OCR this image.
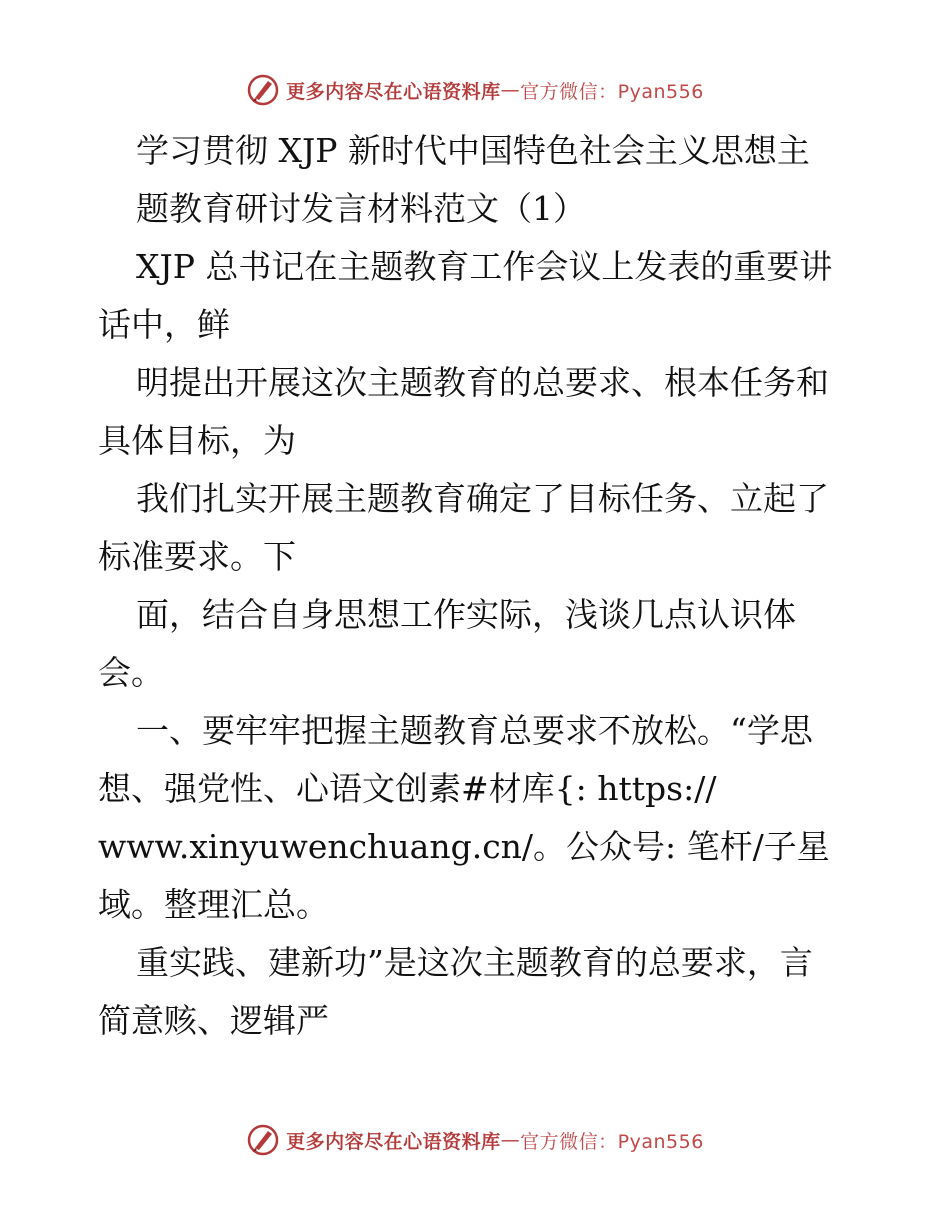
更多内容尽在心语资料库 — 官方微信：Pyan556
学习贯彻 XJP 新时代中国特色社会主义思想主
题教育研讨发言材料范文（1）
XJP 总书记在主题教育工作会议上发表的重要讲
话中，鲜
明提出开展这次主题教育的总要求、根本任务和
具体目标，为
我们扎实开展主题教育确定了目标任务、立起了
标准要求。下
面，结合自身思想工作实际，浅谈几点认识体
会。
一、要牢牢把握主题教育总要求不放松。“学思
想、强党性、心语文创素#材库{: https://
www.xinyuwenchuang.cn/。公众号: 笔杆/子星
域。整理汇总。
重实践、建新功”是这次主题教育的总要求，言
简意赅、逻辑严
更多内容尽在心语资料库 — 官方微信：Pyan556
